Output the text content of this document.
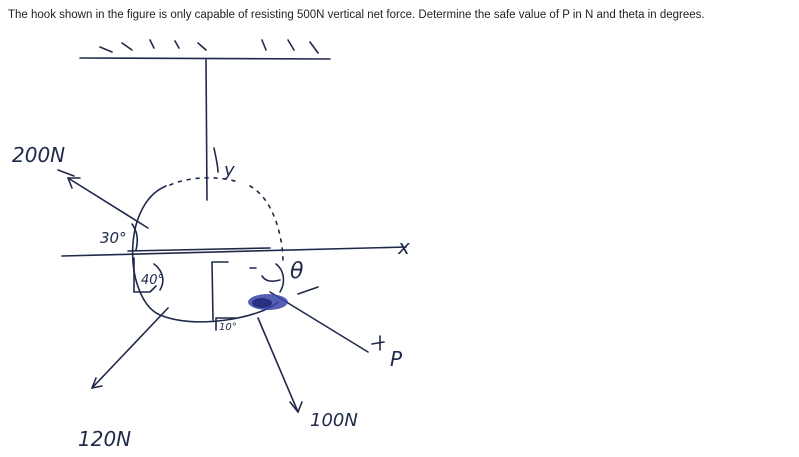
The hook shown in the figure is only capable of resisting 500N vertical net force. Determine the safe value of P in N and theta in degrees.
200N
30°
40°
10°
θ
x
y
P
120N
100N
